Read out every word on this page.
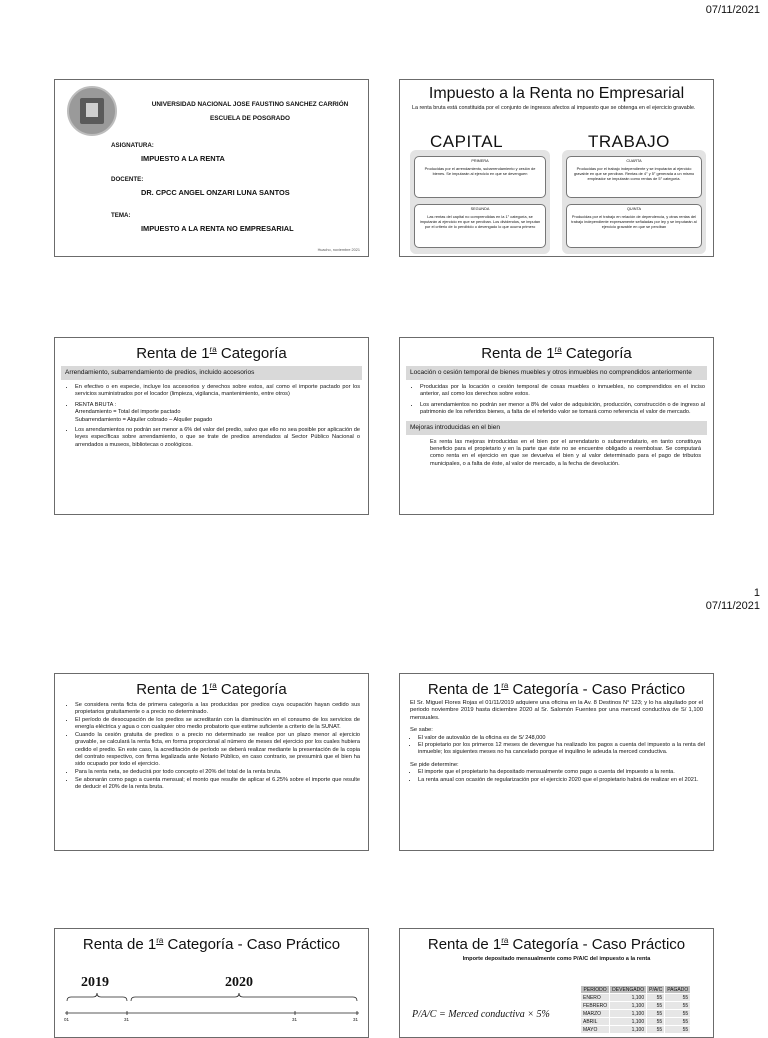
07/11/2021
1
07/11/2021
UNIVERSIDAD NACIONAL JOSE FAUSTINO SANCHEZ CARRIÓN
ESCUELA DE POSGRADO
ASIGNATURA:
IMPUESTO A LA RENTA
DOCENTE:
DR. CPCC ANGEL ONZARI LUNA SANTOS
TEMA:
IMPUESTO A LA RENTA NO EMPRESARIAL
Huacho, noviembre 2021
Impuesto a la Renta no Empresarial
La renta bruta está constituida por el conjunto de ingresos afectos al impuesto que se obtenga en el ejercicio gravable.
CAPITAL	TRABAJO
PRIMERA
Producidas por el arrendamiento, subarrendamiento y cesión de bienes. Se imputarán al ejercicio en que se devenguen
CUARTA
Producidas por el trabajo independiente y se imputarán al ejercicio gravable en que se perciban. Rentas de 4° y 5° generada a un mismo empleador se imputarán como rentas de 5° categoría.
SEGUNDA
Las rentas del capital no comprendidas en la 1° categoría, se imputarán al ejercicio en que se perciban. Los dividendos, se imputan por el criterio de lo percibido o devengado lo que ocurra primero
QUINTA
Producidas por el trabajo en relación de dependencia, y otras rentas del trabajo independiente expresamente señaladas por ley y se imputarán al ejercicio gravable en que se perciban
Renta de $1^{ra}$ Categoría
Arrendamiento, subarrendamiento de predios, incluido accesorios
• En efectivo o en especie, incluye los accesorios y derechos sobre estos, así como el importe pactado por los servicios suministrados por el locador (limpieza, vigilancia, mantenimiento, entre otros)
• RENTA BRUTA :
Arrendamiento = Total del importe pactado
Subarrendamiento = Alquiler cobrado – Alquiler pagado
• Los arrendamientos no podrán ser menor a 6% del valor del predio, salvo que ello no sea posible por aplicación de leyes específicas sobre arrendamiento, o que se trate de predios arrendados al Sector Público Nacional o arrendados a museos, bibliotecas o zoológicos.
Renta de $1^{ra}$ Categoría
Locación o cesión temporal de bienes muebles y otros inmuebles no comprendidos anteriormente
• Producidas por la locación o cesión temporal de cosas muebles o inmuebles, no comprendidos en el inciso anterior, así como los derechos sobre estos.
• Los arrendamientos no podrán ser menor a 8% del valor de adquisición, producción, construcción o de ingreso al patrimonio de los referidos bienes, a falta de el referido valor se tomará como referencia el valor de mercado.
Mejoras introducidas en el bien
Es renta las mejoras introducidas en el bien por el arrendatario o subarrendatario, en tanto constituya beneficio para el propietario y en la parte que éste no se encuentre obligado a reembolsar. Se computará como renta en el ejercicio en que se devuelva el bien y al valor determinado para el pago de tributos municipales, o a falta de éste, al valor de mercado, a la fecha de devolución.
Renta de $1^{ra}$ Categoría
• Se considera renta ficta de primera categoría a las producidas por predios cuya ocupación hayan cedido sus propietarios gratuitamente o a precio no determinado.
• El período de desocupación de los predios se acreditarán con la disminución en el consumo de los servicios de energía eléctrica y agua o con cualquier otro medio probatorio que estime suficiente a criterio de la SUNAT.
• Cuando la cesión gratuita de predios o a precio no determinado se realice por un plazo menor al ejercicio gravable, se calculará la renta ficta, en forma proporcional al número de meses del ejercicio por los cuales hubiera cedido el predio. En este caso, la acreditación de período se deberá realizar mediante la presentación de la copia del contrato respectivo, con firma legalizada ante Notario Público, en caso contrario, se presumirá que el bien ha sido ocupado por todo el ejercicio.
• Para la renta neta, se deducirá por todo concepto el 20% del total de la renta bruta.
• Se abonarán como pago a cuenta mensual; el monto que resulte de aplicar el 6.25% sobre el importe que resulte de deducir el 20% de la renta bruta.
Renta de $1^{ra}$ Categoría - Caso Práctico
El Sr. Miguel Flores Rojas el 01/11/2019 adquiere una oficina en la Av. 8 Destinos N° 123; y lo ha alquilado por el periodo noviembre 2019 hasta diciembre 2020 al Sr. Salomón Fuentes por una merced conductiva de S/ 1,100 mensuales.
Se sabe:
• El valor de autovalúo de la oficina es de S/ 248,000
• El propietario por los primeros 12 meses de devengue ha realizado los pagos a cuenta del impuesto a la renta del inmueble; los siguientes meses no ha cancelado porque el inquilino le adeuda la merced conductiva.
Se pide determine:
• El importe que el propietario ha depositado mensualmente como pago a cuenta del impuesto a la renta.
• La renta anual con ocasión de regularización por el ejercicio 2020 que el propietario habrá de realizar en el 2021.
Renta de $1^{ra}$ Categoría - Caso Práctico
2019	2020
01	31	31	31
Renta de $1^{ra}$ Categoría - Caso Práctico
Importe depositado mensualmente como P/A/C del impuesto a la renta
P/A/C = Merced conductiva × 5%
PERIODO	DEVENGADO	P/A/C	PAGADO
ENERO	1,100	55	55
FEBRERO	1,100	55	55
MARZO	1,100	55	55
ABRIL	1,100	55	55
MAYO	1,100	55	55
